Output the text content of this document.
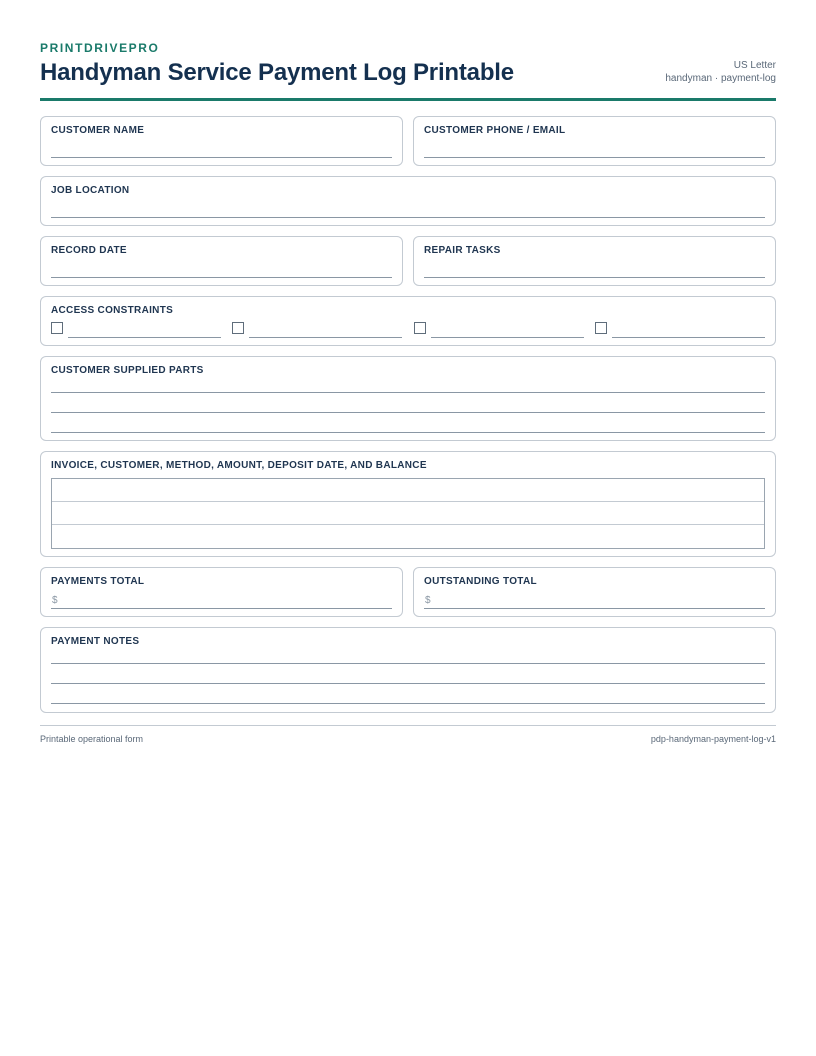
PRINTDRIVEPRO
Handyman Service Payment Log Printable	US Letter
handyman · payment-log
CUSTOMER NAME	CUSTOMER PHONE / EMAIL
JOB LOCATION
RECORD DATE	REPAIR TASKS
ACCESS CONSTRAINTS
CUSTOMER SUPPLIED PARTS
INVOICE, CUSTOMER, METHOD, AMOUNT, DEPOSIT DATE, AND BALANCE
PAYMENTS TOTAL
$
OUTSTANDING TOTAL
$
PAYMENT NOTES
Printable operational form	pdp-handyman-payment-log-v1
